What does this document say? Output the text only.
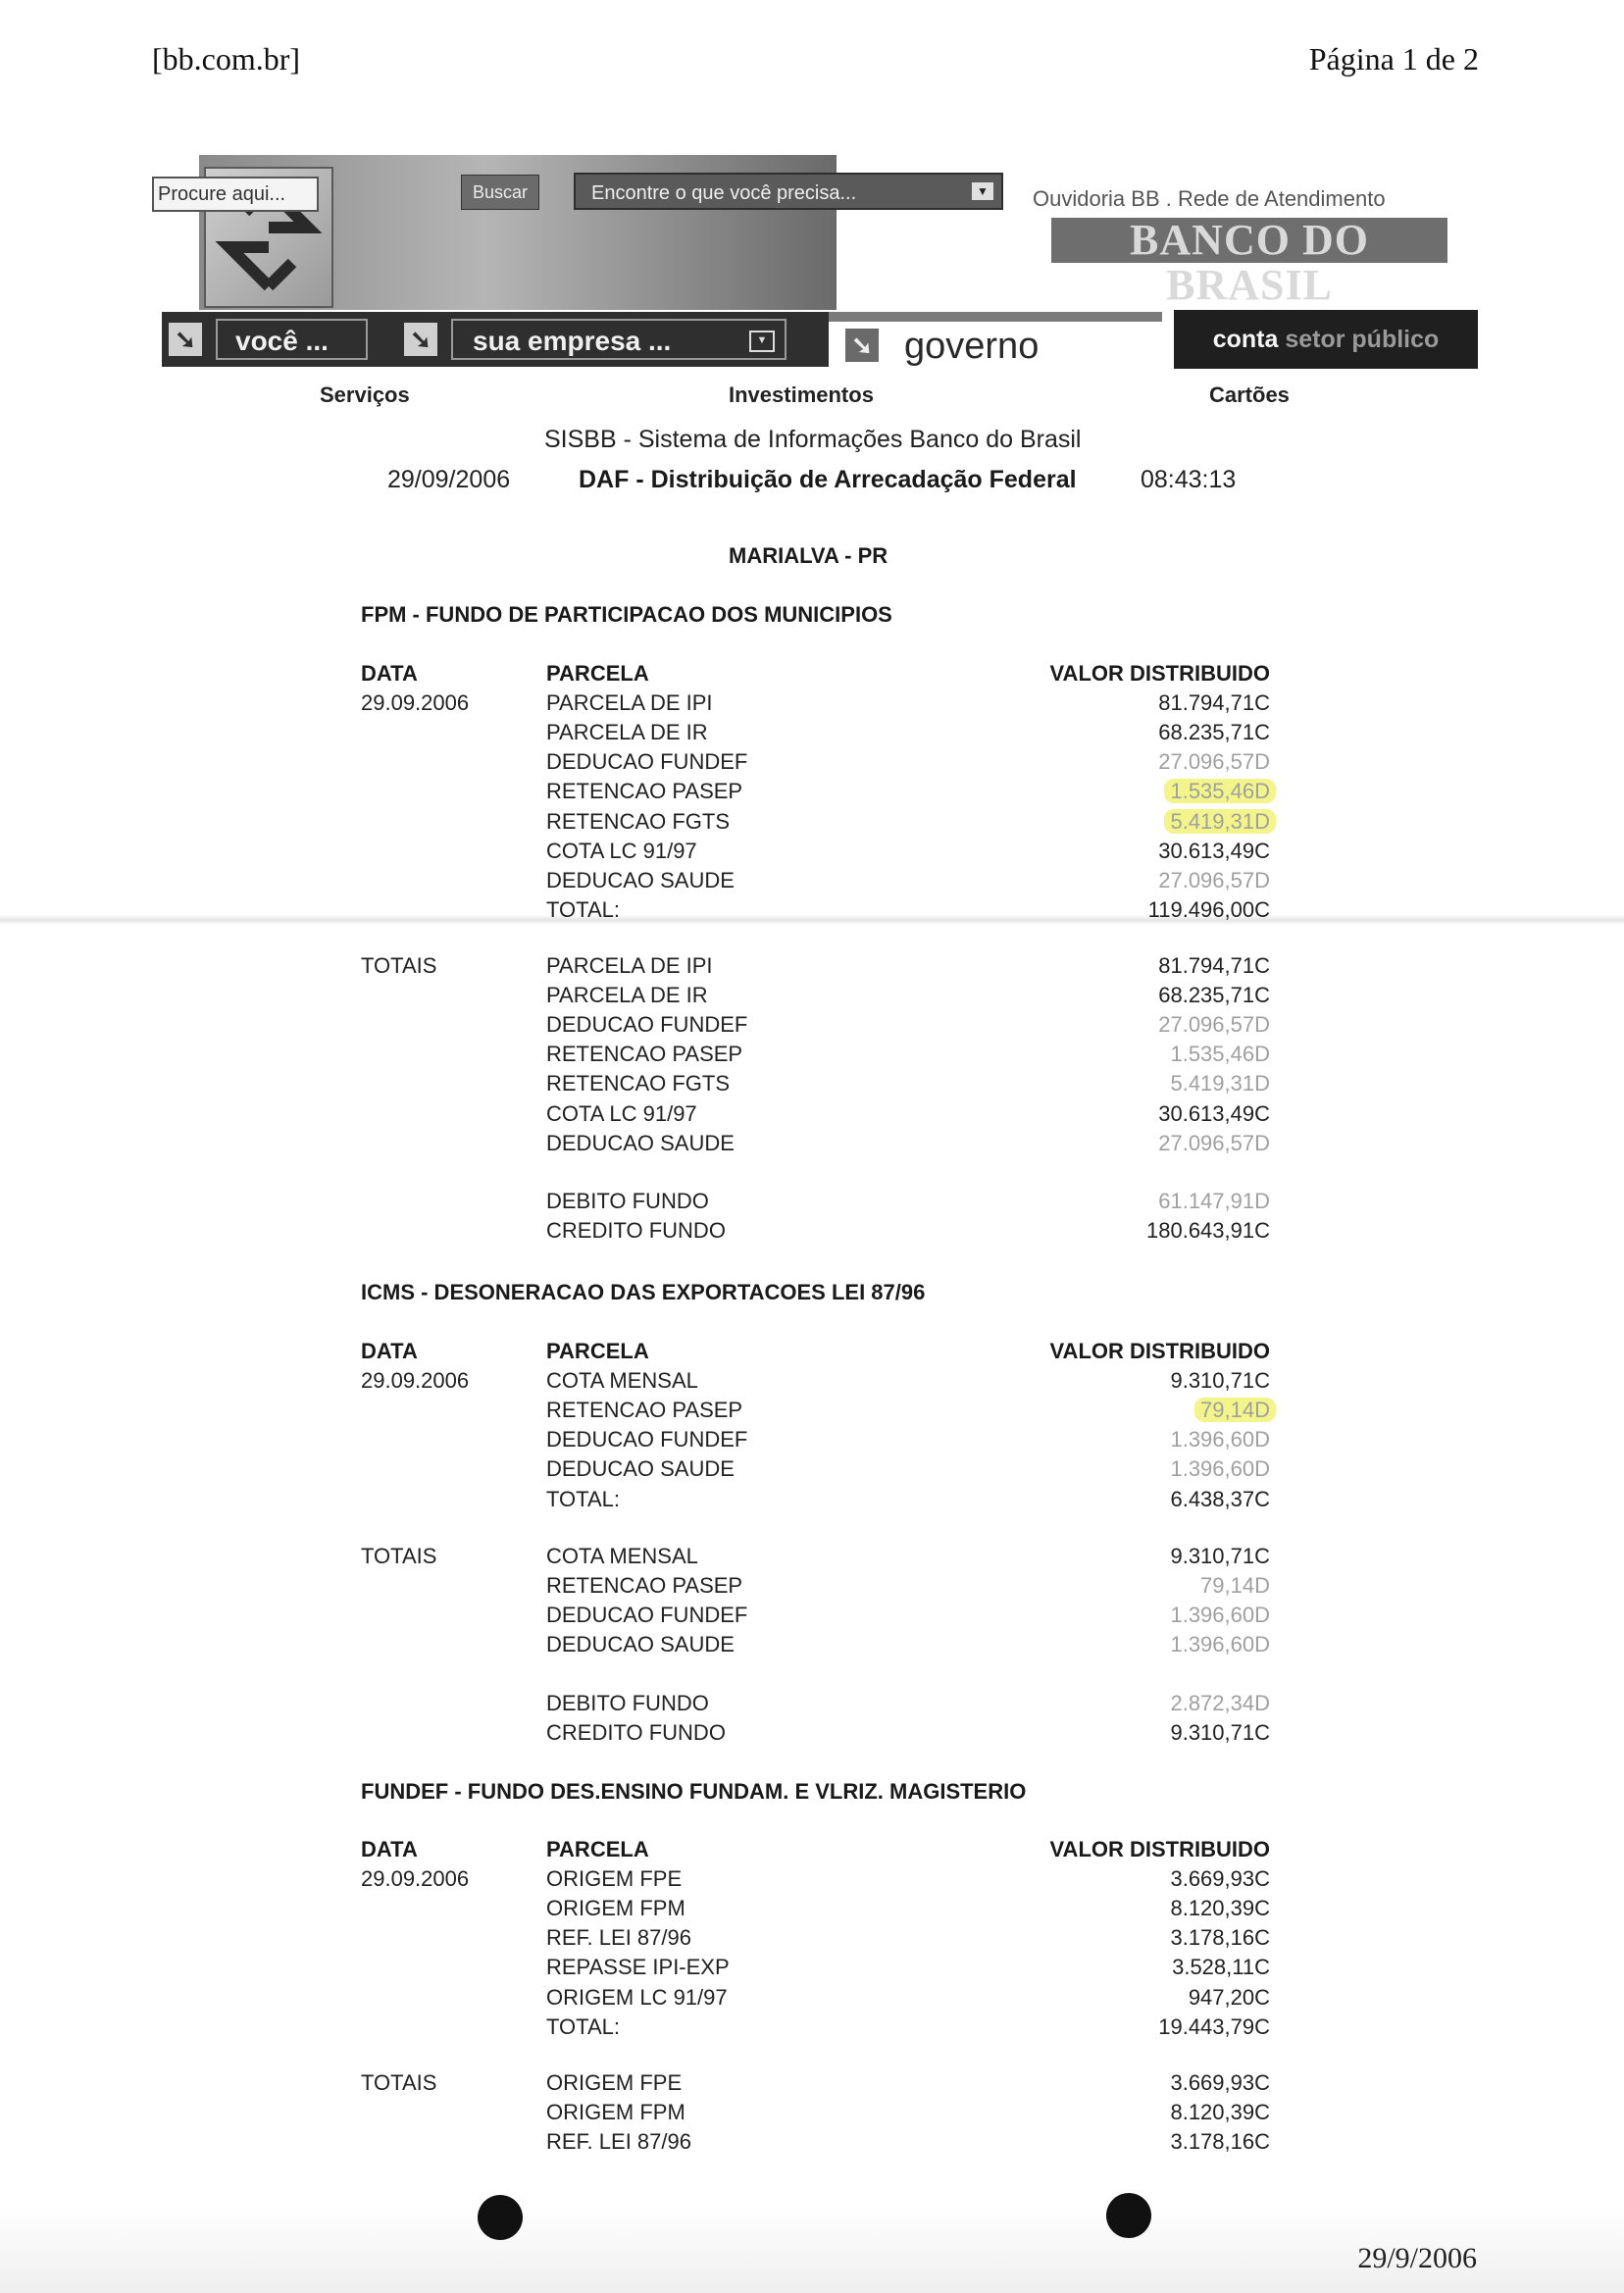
[bb.com.br]	Página 1 de 2
Procure aqui...	Buscar	Encontre o que você precisa...	▼ Ouvidoria BB . Rede de Atendimento
BANCO DO BRASIL
➘	você ...	➘	sua empresa ...	▼	➘ governo	conta setor público
Serviços	Investimentos	Cartões
SISBB - Sistema de Informações Banco do Brasil
29/09/2006	DAF - Distribuição de Arrecadação Federal	08:43:13
MARIALVA - PR
FPM - FUNDO DE PARTICIPACAO DOS MUNICIPIOS
DATA	PARCELA	VALOR DISTRIBUIDO
29.09.2006	PARCELA DE IPI	81.794,71C
PARCELA DE IR	68.235,71C
DEDUCAO FUNDEF	27.096,57D
RETENCAO PASEP	1.535,46D
RETENCAO FGTS	5.419,31D
COTA LC 91/97	30.613,49C
DEDUCAO SAUDE	27.096,57D
TOTAL:	119.496,00C
TOTAIS	PARCELA DE IPI	81.794,71C
PARCELA DE IR	68.235,71C
DEDUCAO FUNDEF	27.096,57D
RETENCAO PASEP	1.535,46D
RETENCAO FGTS	5.419,31D
COTA LC 91/97	30.613,49C
DEDUCAO SAUDE	27.096,57D
DEBITO FUNDO	61.147,91D
CREDITO FUNDO	180.643,91C
ICMS - DESONERACAO DAS EXPORTACOES LEI 87/96
DATA	PARCELA	VALOR DISTRIBUIDO
29.09.2006	COTA MENSAL	9.310,71C
RETENCAO PASEP	79,14D
DEDUCAO FUNDEF	1.396,60D
DEDUCAO SAUDE	1.396,60D
TOTAL:	6.438,37C
TOTAIS	COTA MENSAL	9.310,71C
RETENCAO PASEP	79,14D
DEDUCAO FUNDEF	1.396,60D
DEDUCAO SAUDE	1.396,60D
DEBITO FUNDO	2.872,34D
CREDITO FUNDO	9.310,71C
FUNDEF - FUNDO DES.ENSINO FUNDAM. E VLRIZ. MAGISTERIO
DATA	PARCELA	VALOR DISTRIBUIDO
29.09.2006	ORIGEM FPE	3.669,93C
ORIGEM FPM	8.120,39C
REF. LEI 87/96	3.178,16C
REPASSE IPI-EXP	3.528,11C
ORIGEM LC 91/97	947,20C
TOTAL:	19.443,79C
TOTAIS	ORIGEM FPE	3.669,93C
ORIGEM FPM	8.120,39C
REF. LEI 87/96	3.178,16C
29/9/2006
